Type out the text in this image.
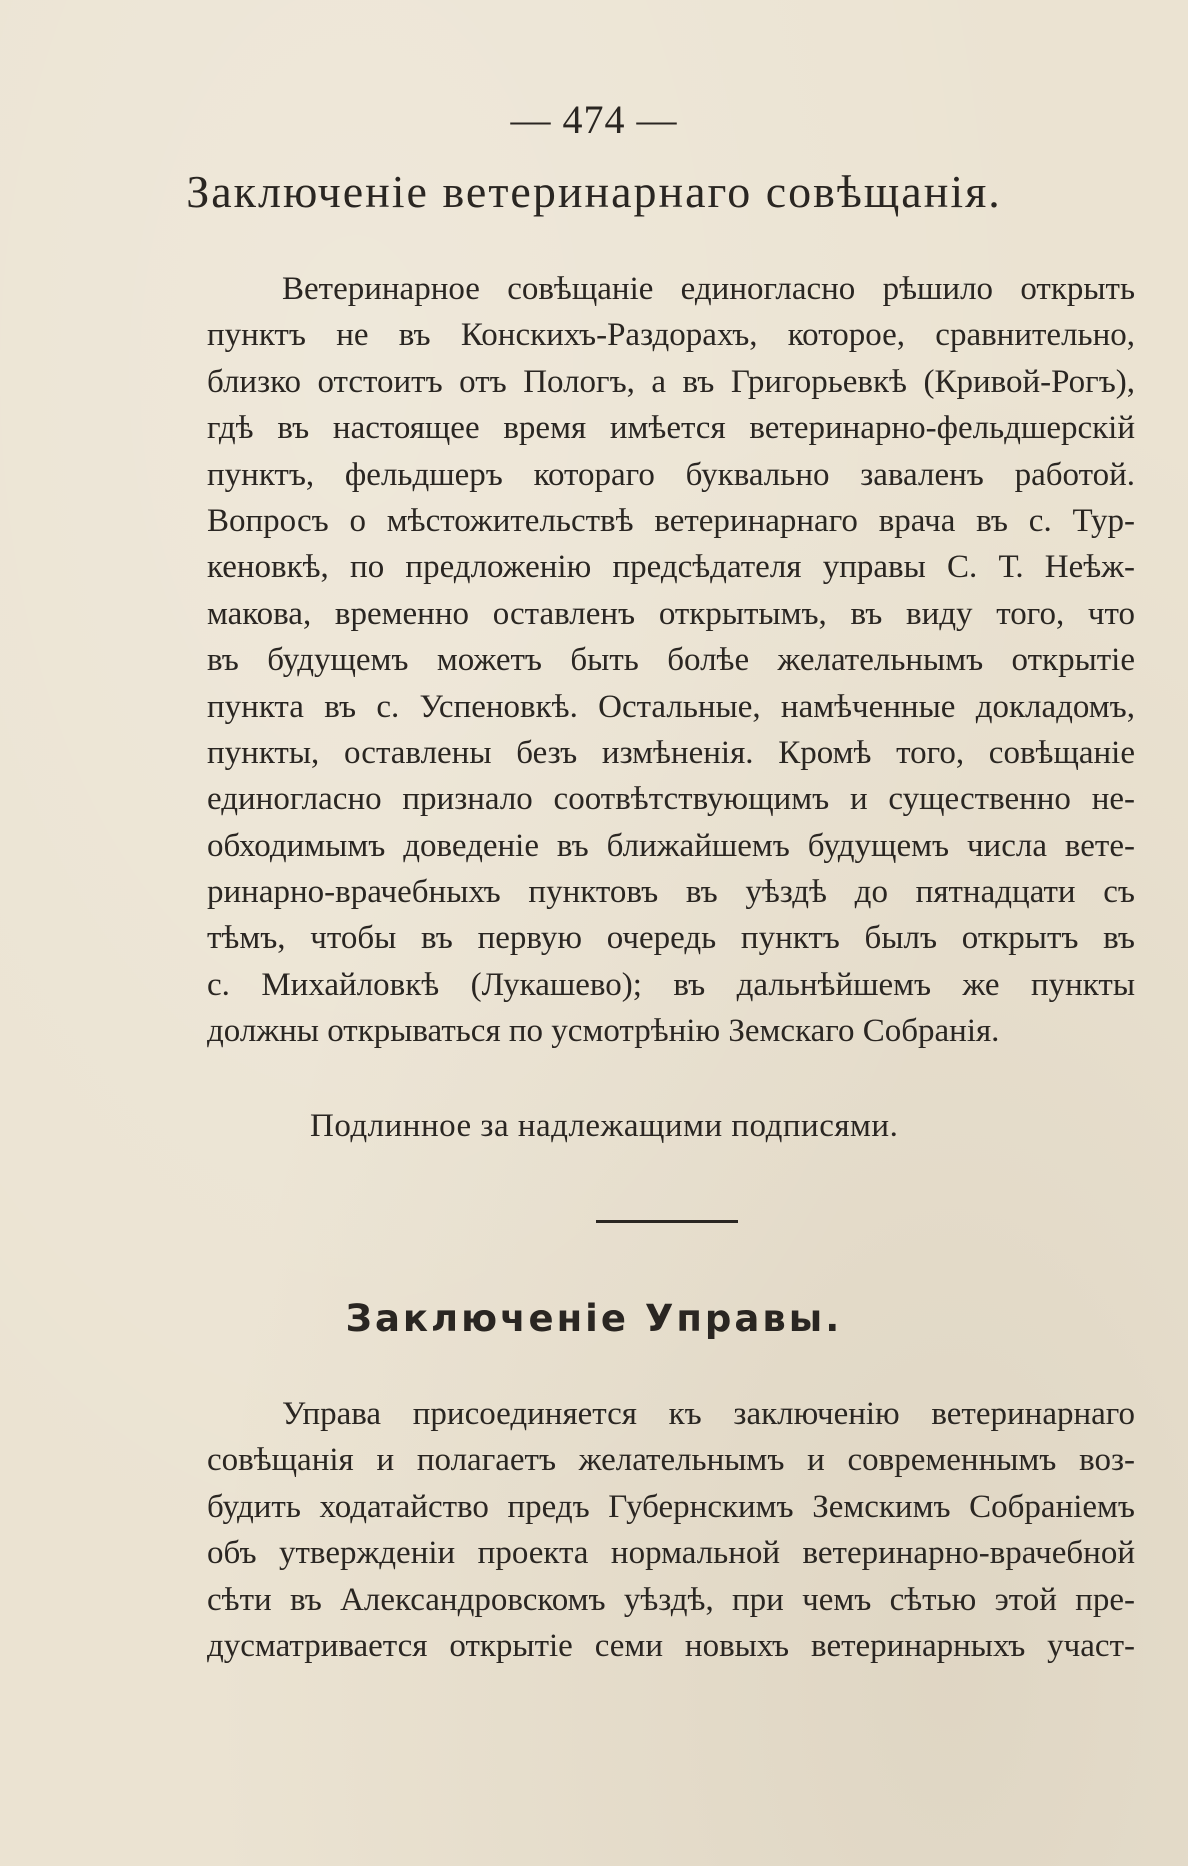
— 474 —
Заключеніе ветеринарнаго совѣщанія.
Ветеринарное совѣщаніе единогласно рѣшило открыть
пунктъ не въ Конскихъ-Раздорахъ, которое, сравнительно,
близко отстоитъ отъ Пологъ, а въ Григорьевкѣ (Кривой-Рогъ),
гдѣ въ настоящее время имѣется ветеринарно-фельдшерскій
пунктъ, фельдшеръ котораго буквально заваленъ работой.
Вопросъ о мѣстожительствѣ ветеринарнаго врача въ с. Тур-
кеновкѣ, по предложенію предсѣдателя управы С. Т. Неѣж-
макова, временно оставленъ открытымъ, въ виду того, что
въ будущемъ можетъ быть болѣе желательнымъ открытіе
пункта въ с. Успеновкѣ. Остальные, намѣченные докладомъ,
пункты, оставлены безъ измѣненія. Кромѣ того, совѣщаніе
единогласно признало соотвѣтствующимъ и существенно не-
обходимымъ доведеніе въ ближайшемъ будущемъ числа вете-
ринарно-врачебныхъ пунктовъ въ уѣздѣ до пятнадцати съ
тѣмъ, чтобы въ первую очередь пунктъ былъ открытъ въ
с. Михайловкѣ (Лукашево); въ дальнѣйшемъ же пункты
должны открываться по усмотрѣнію Земскаго Собранія.
Подлинное за надлежащими подписями.
Заключеніе Управы.
Управа присоединяется къ заключенію ветеринарнаго
совѣщанія и полагаетъ желательнымъ и современнымъ воз-
будить ходатайство предъ Губернскимъ Земскимъ Собраніемъ
объ утвержденіи проекта нормальной ветеринарно-врачебной
сѣти въ Александровскомъ уѣздѣ, при чемъ сѣтью этой пре-
дусматривается открытіе семи новыхъ ветеринарныхъ участ-
